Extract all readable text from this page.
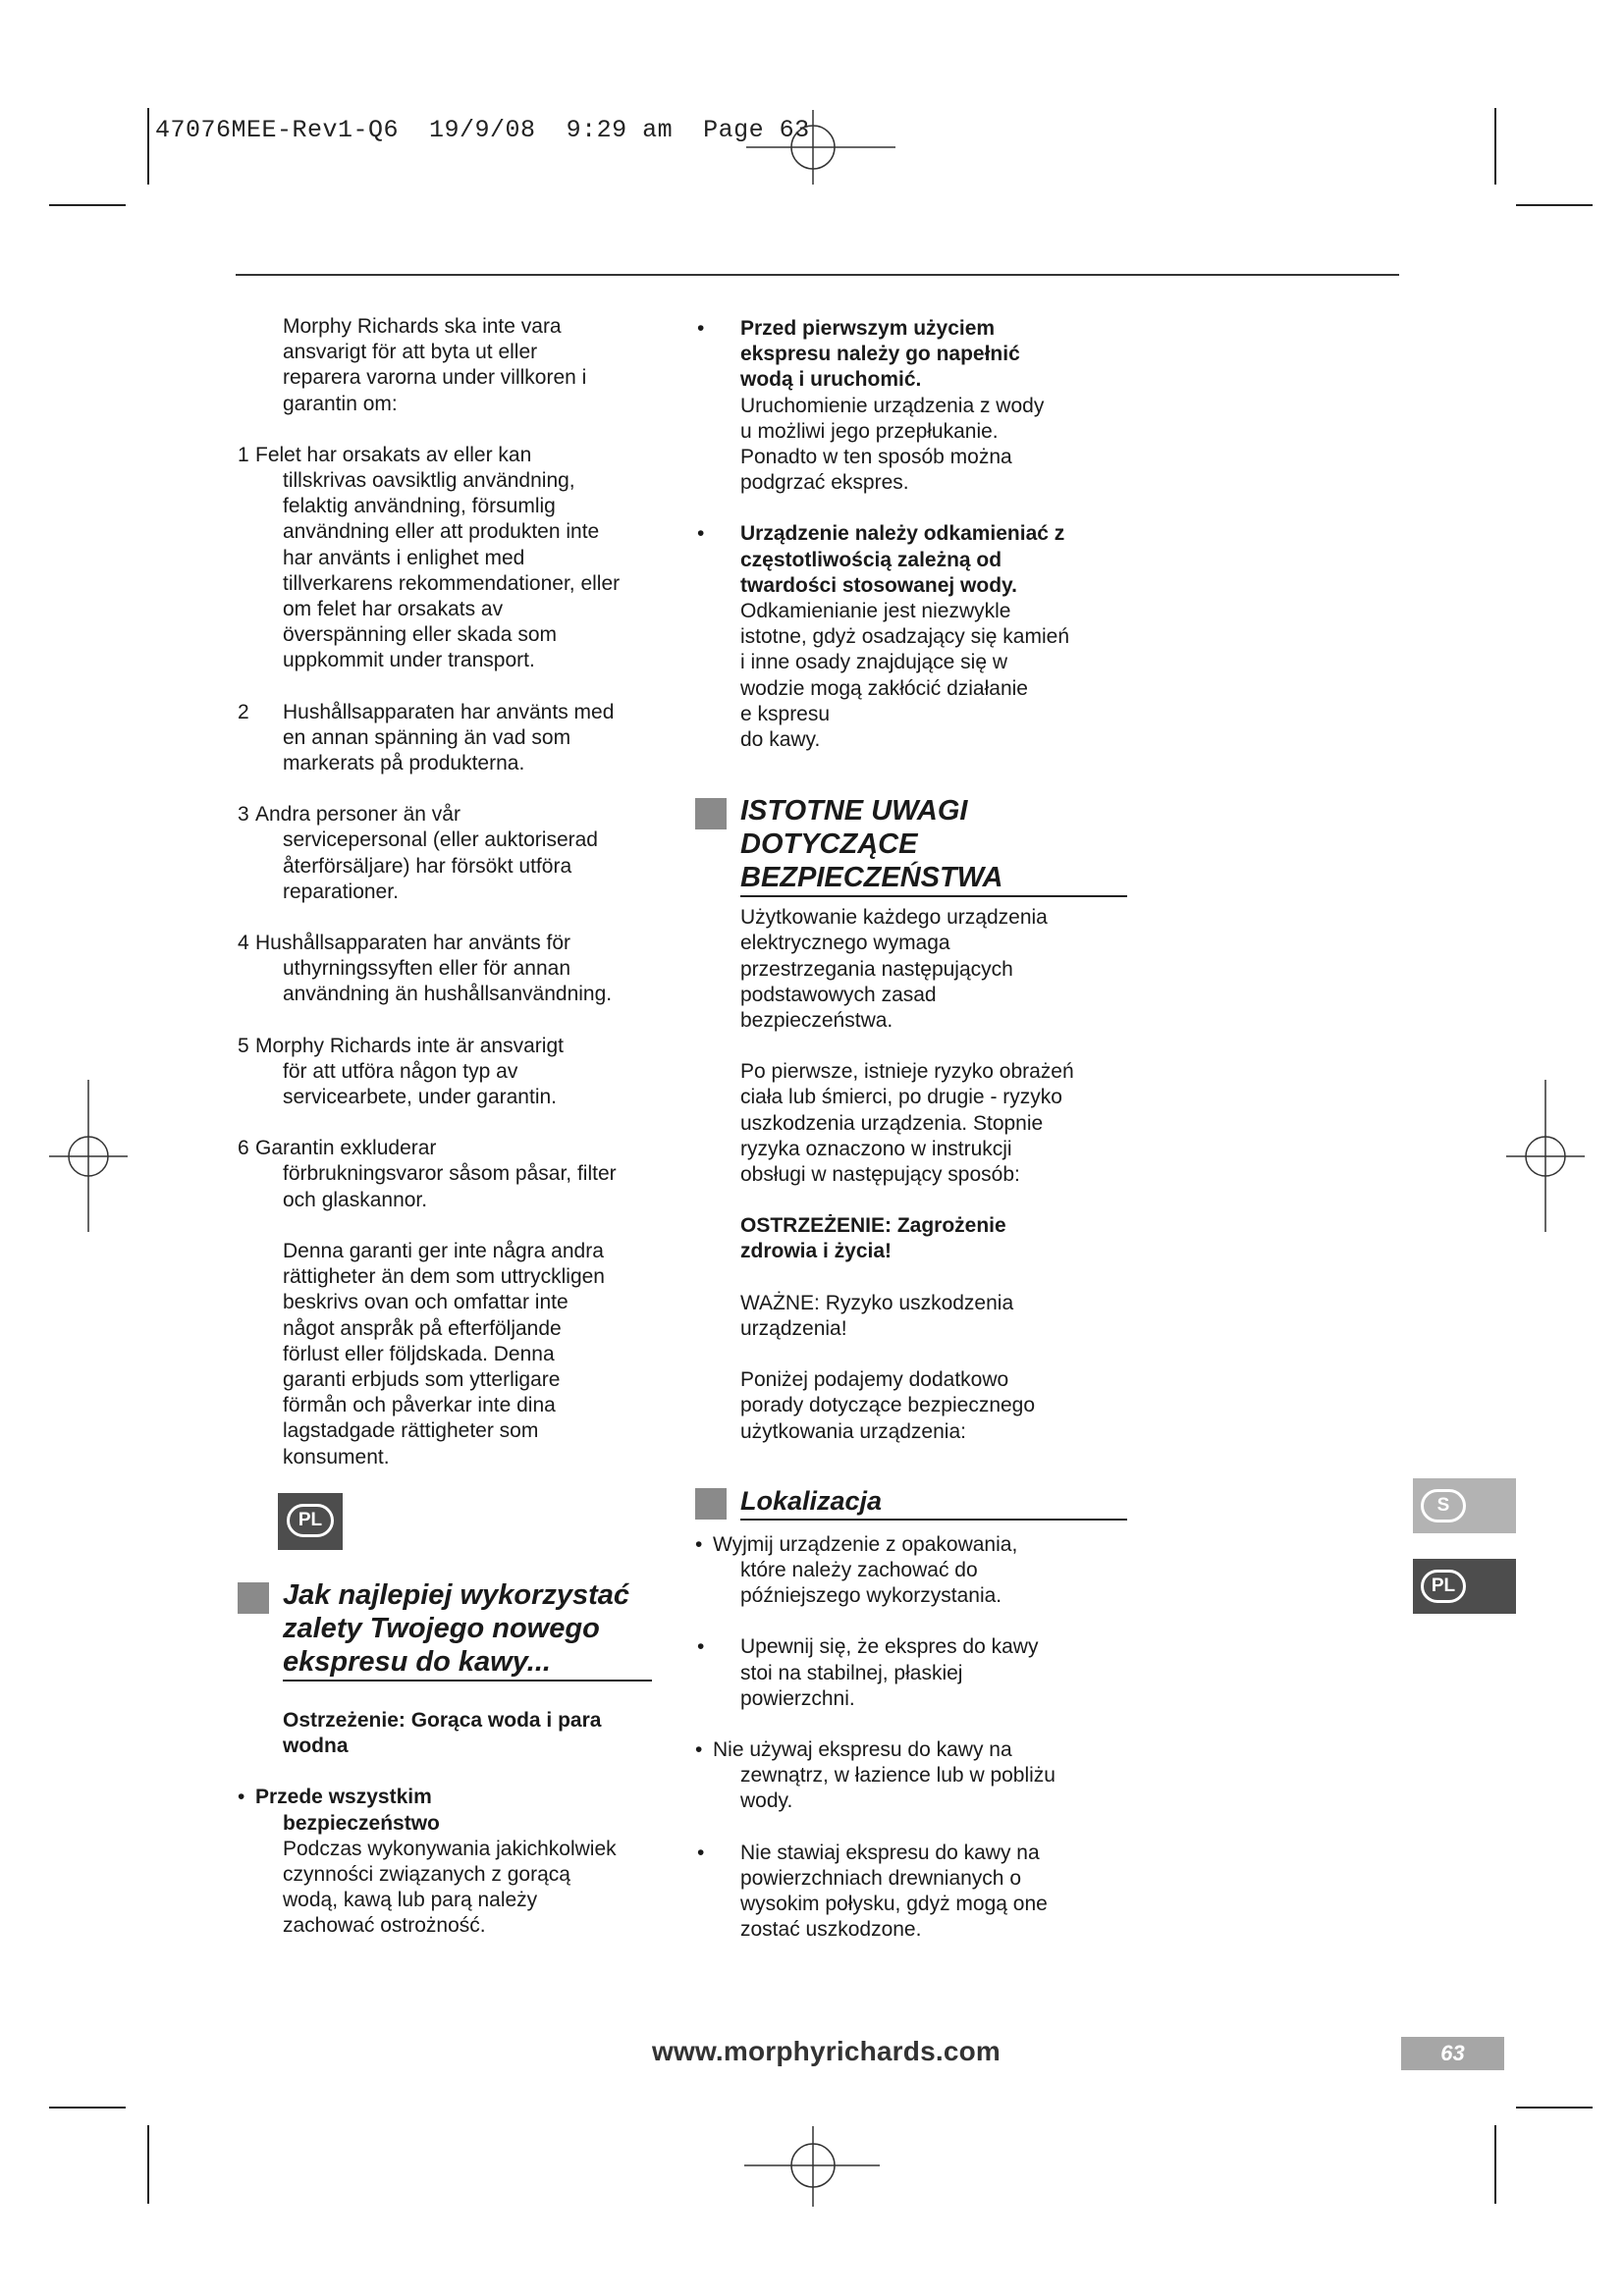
47076MEE-Rev1-Q6  19/9/08  9:29 am  Page 63
Morphy Richards ska inte vara
ansvarigt för att byta ut eller
reparera varorna under villkoren i
garantin om:
1 Felet har orsakats av eller kan
tillskrivas oavsiktlig användning,
felaktig användning, försumlig
användning eller att produkten inte
har använts i enlighet med
tillverkarens rekommendationer, eller
om felet har orsakats av
överspänning eller skada som
uppkommit under transport.
2 Hushållsapparaten har använts med
en annan spänning än vad som
markerats på produkterna.
3 Andra personer än vår
servicepersonal (eller auktoriserad
återförsäljare) har försökt utföra
reparationer.
4 Hushållsapparaten har använts för
uthyrningssyften eller för annan
användning än hushållsanvändning.
5 Morphy Richards inte är ansvarigt
för att utföra någon typ av
servicearbete, under garantin.
6 Garantin exkluderar
förbrukningsvaror såsom påsar, filter
och glaskannor.
Denna garanti ger inte några andra
rättigheter än dem som uttryckligen
beskrivs ovan och omfattar inte
något anspråk på efterföljande
förlust eller följdskada. Denna
garanti erbjuds som ytterligare
förmån och påverkar inte dina
lagstadgade rättigheter som
konsument.
PL
Jak najlepiej wykorzystać
zalety Twojego nowego
ekspresu do kawy...
Ostrzeżenie: Gorąca woda i para
wodna
• Przede wszystkim
bezpieczeństwo
Podczas wykonywania jakichkolwiek
czynności związanych z gorącą
wodą, kawą lub parą należy
zachować ostrożność.
• Przed pierwszym użyciem
ekspresu należy go napełnić
wodą i uruchomić.
Uruchomienie urządzenia z wody
u możliwi jego przepłukanie.
Ponadto w ten sposób można
podgrzać ekspres.
• Urządzenie należy odkamieniać z
częstotliwością zależną od
twardości stosowanej wody.
Odkamienianie jest niezwykle
istotne, gdyż osadzający się kamień
i inne osady znajdujące się w
wodzie mogą zakłócić działanie
e kspresu
do kawy.
ISTOTNE UWAGI
DOTYCZĄCE
BEZPIECZEŃSTWA
Użytkowanie każdego urządzenia
elektrycznego wymaga
przestrzegania następujących
podstawowych zasad
bezpieczeństwa.
Po pierwsze, istnieje ryzyko obrażeń
ciała lub śmierci, po drugie - ryzyko
uszkodzenia urządzenia. Stopnie
ryzyka oznaczono w instrukcji
obsługi w następujący sposób:
OSTRZEŻENIE: Zagrożenie
zdrowia i życia!
WAŻNE: Ryzyko uszkodzenia
urządzenia!
Poniżej podajemy dodatkowo
porady dotyczące bezpiecznego
użytkowania urządzenia:
Lokalizacja
• Wyjmij urządzenie z opakowania,
które należy zachować do
późniejszego wykorzystania.
• Upewnij się, że ekspres do kawy
stoi na stabilnej, płaskiej
powierzchni.
• Nie używaj ekspresu do kawy na
zewnątrz, w łazience lub w pobliżu
wody.
• Nie stawiaj ekspresu do kawy na
powierzchniach drewnianych o
wysokim połysku, gdyż mogą one
zostać uszkodzone.
S
PL
www.morphyrichards.com	63
